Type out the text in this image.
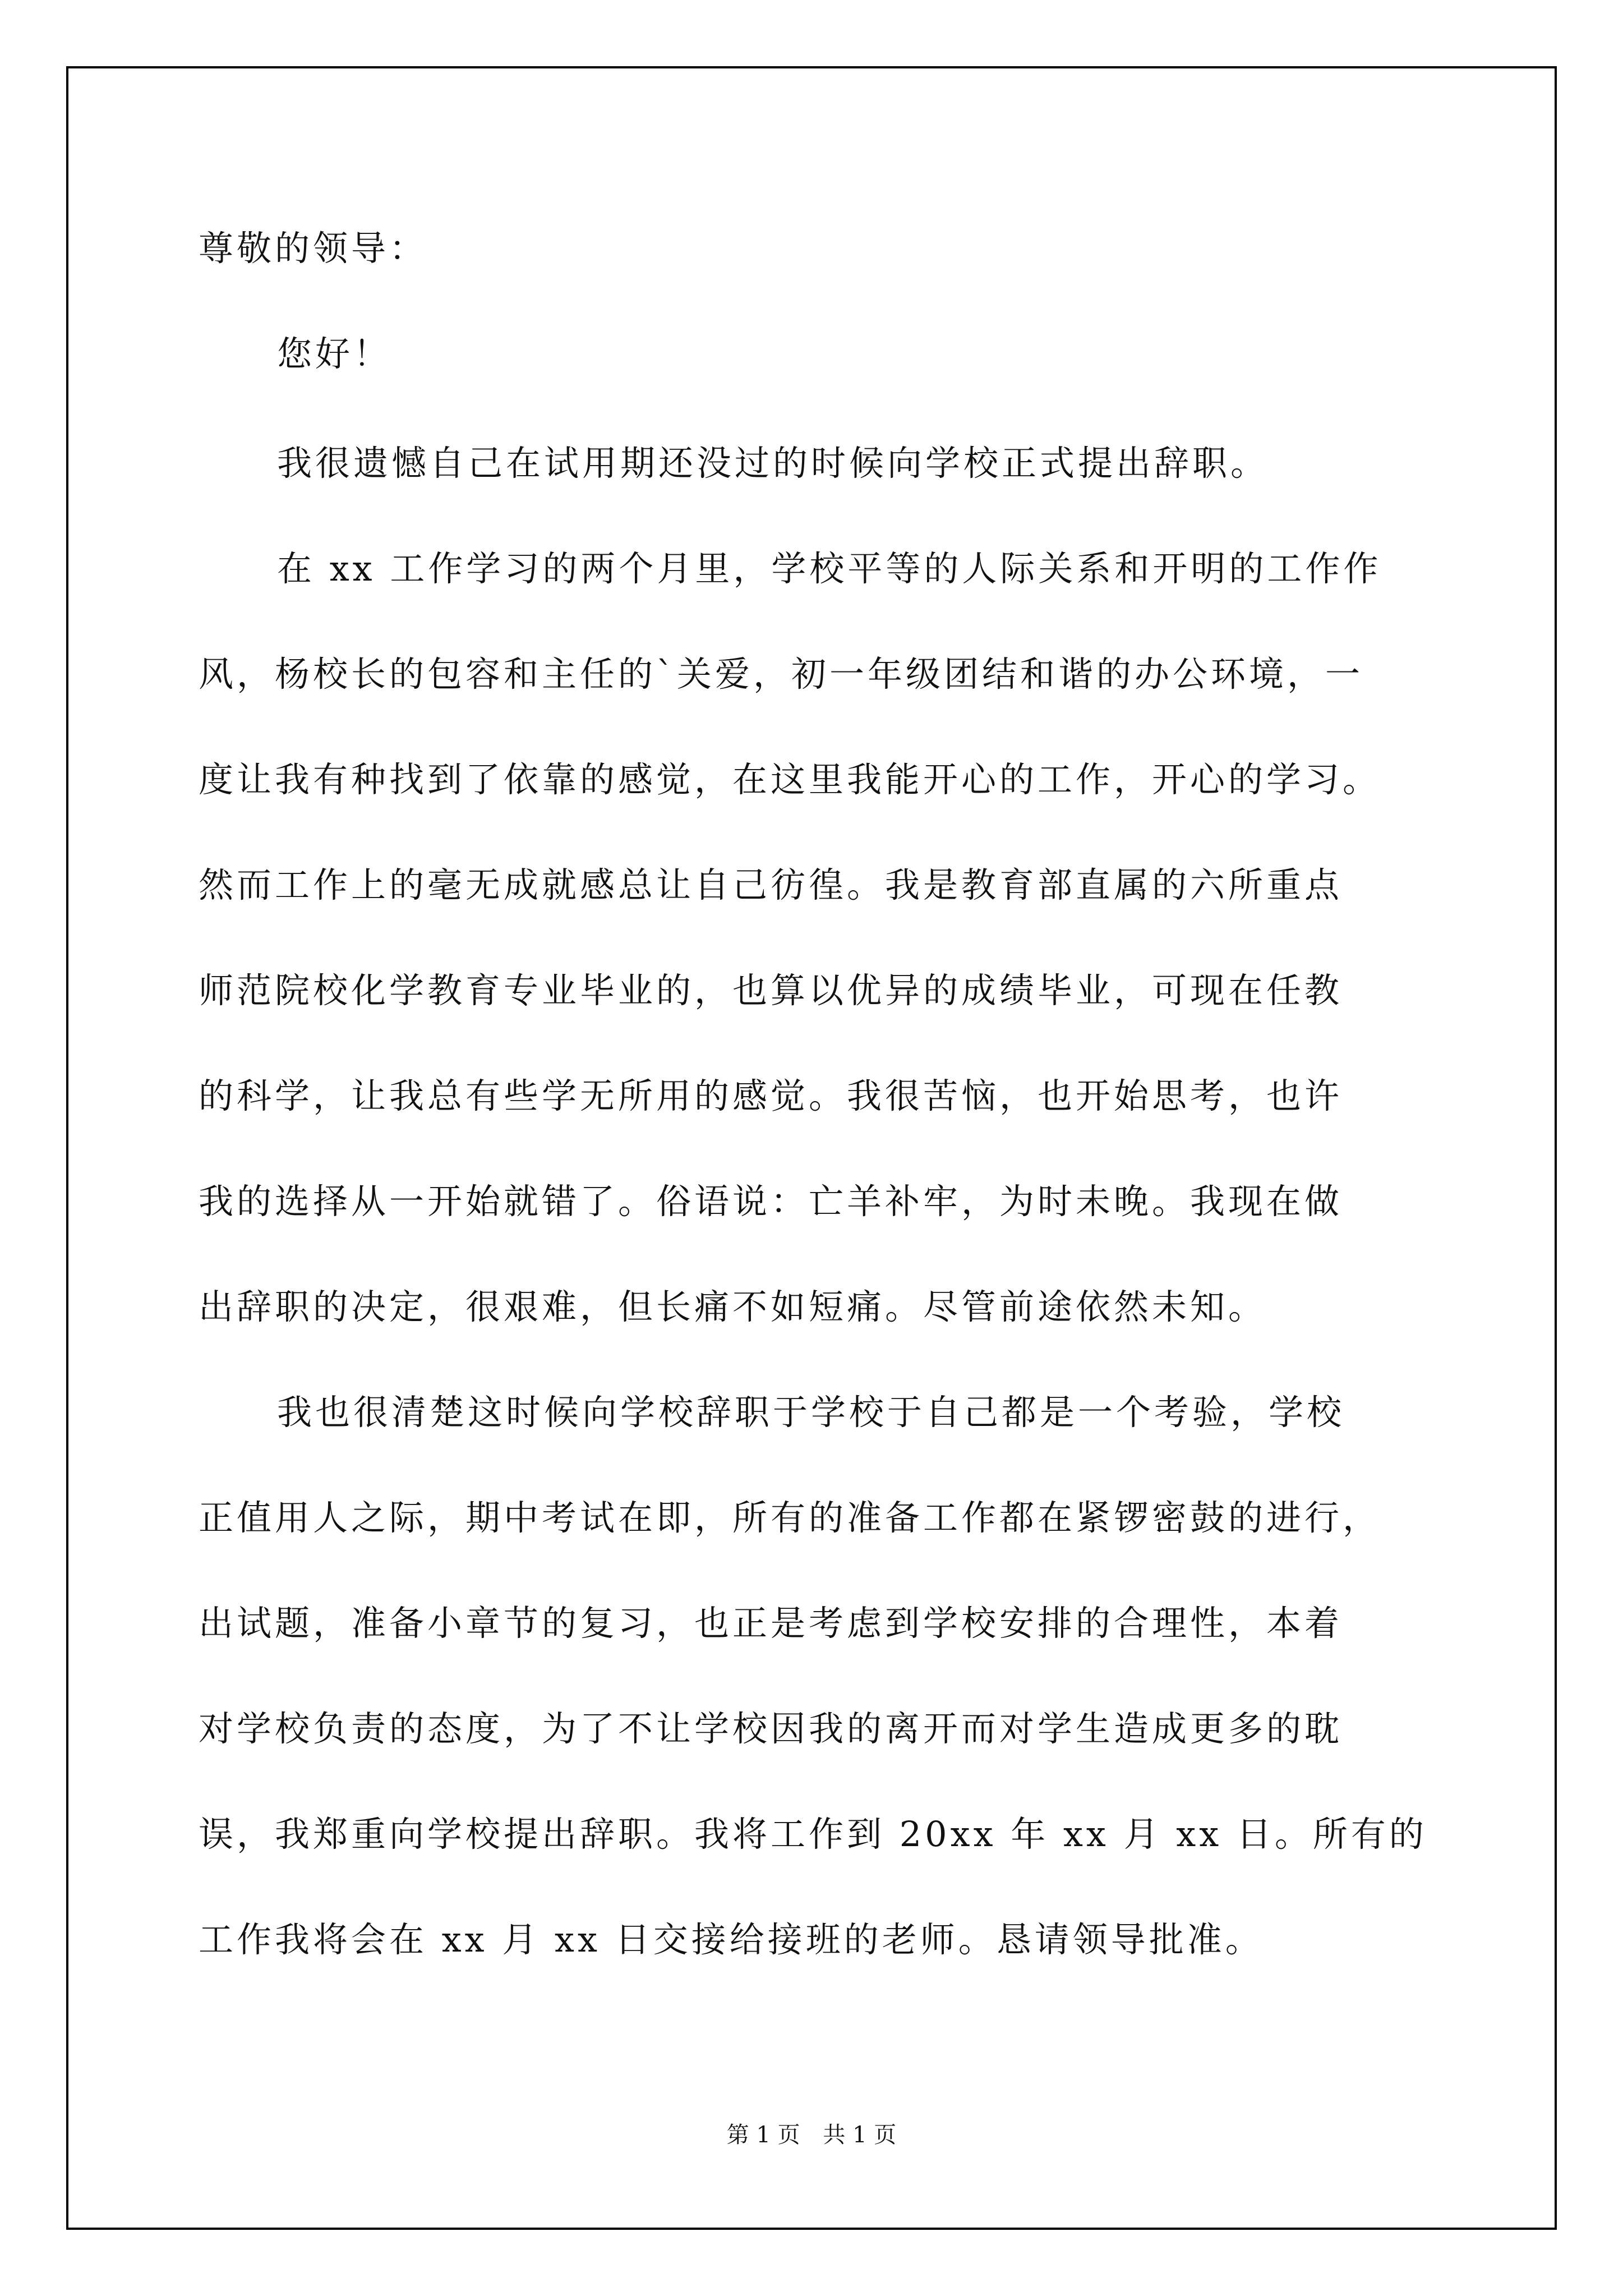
尊敬的领导：

您好！

我很遗憾自己在试用期还没过的时候向学校正式提出辞职。

在 xx 工作学习的两个月里，学校平等的人际关系和开明的工作作
风，杨校长的包容和主任的`关爱，初一年级团结和谐的办公环境，一
度让我有种找到了依靠的感觉，在这里我能开心的工作，开心的学习。
然而工作上的毫无成就感总让自己彷徨。我是教育部直属的六所重点
师范院校化学教育专业毕业的，也算以优异的成绩毕业，可现在任教
的科学，让我总有些学无所用的感觉。我很苦恼，也开始思考，也许
我的选择从一开始就错了。俗语说：亡羊补牢，为时未晚。我现在做
出辞职的决定，很艰难，但长痛不如短痛。尽管前途依然未知。

我也很清楚这时候向学校辞职于学校于自己都是一个考验，学校
正值用人之际，期中考试在即，所有的准备工作都在紧锣密鼓的进行，
出试题，准备小章节的复习，也正是考虑到学校安排的合理性，本着
对学校负责的态度，为了不让学校因我的离开而对学生造成更多的耽
误，我郑重向学校提出辞职。我将工作到 20xx 年 xx 月 xx 日。所有的
工作我将会在 xx 月 xx 日交接给接班的老师。恳请领导批准。

第 1 页 共 1 页
